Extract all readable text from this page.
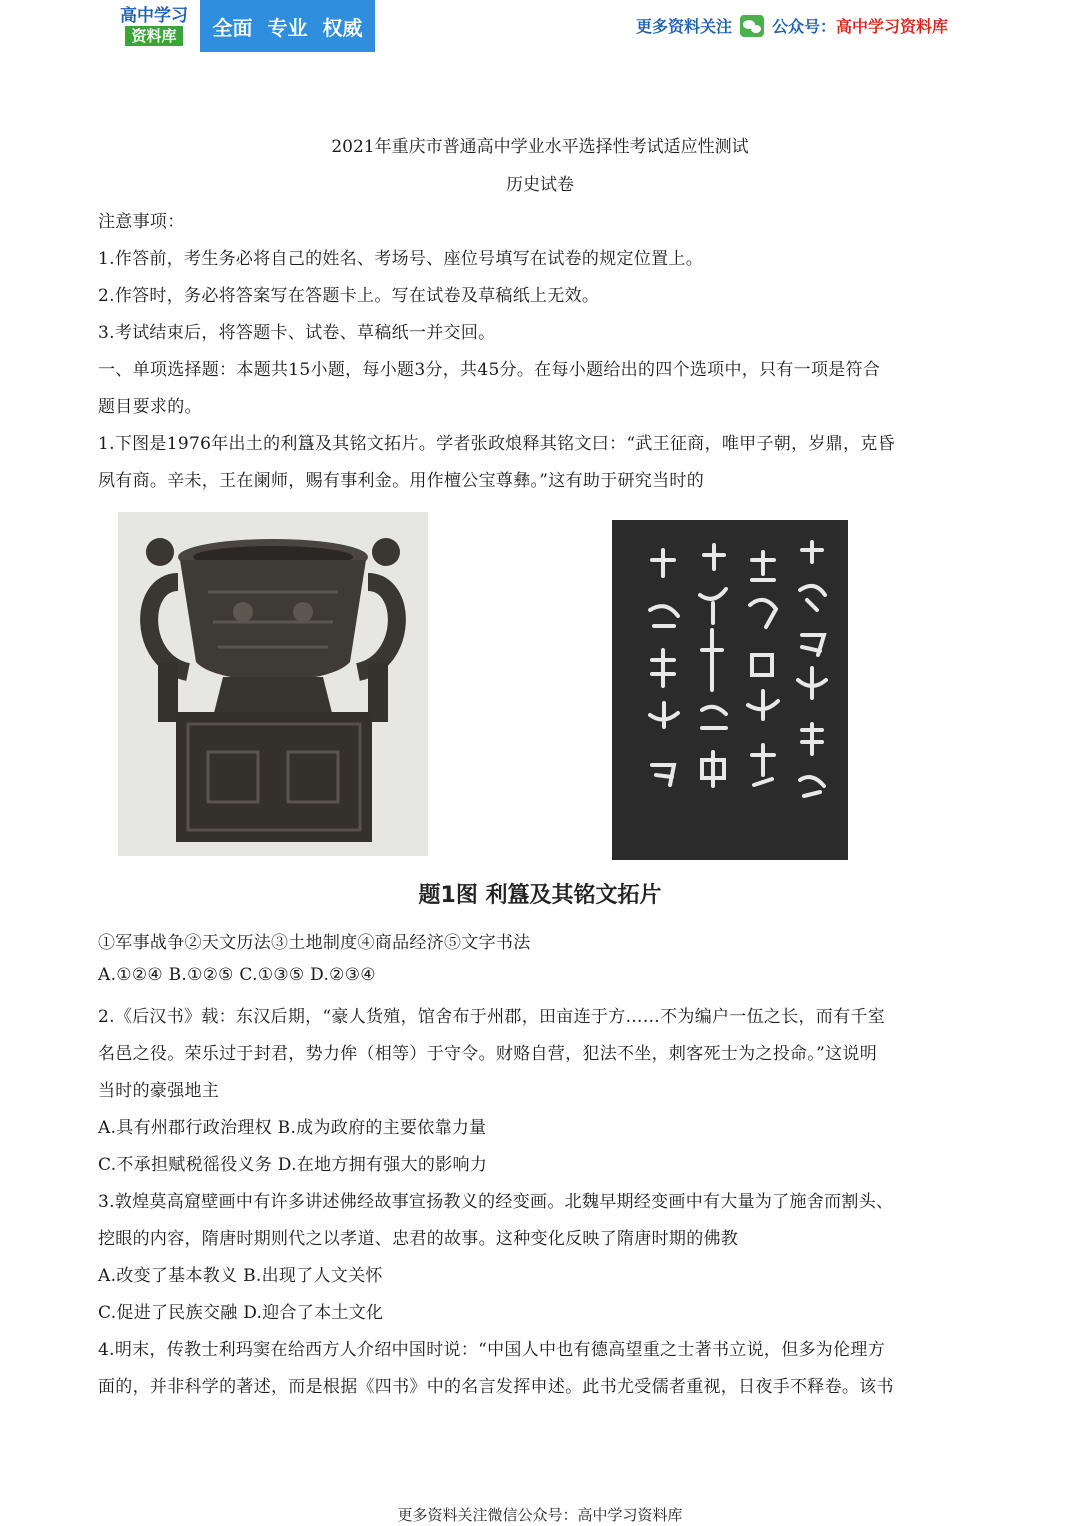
高中学习
资料库	全面 专业 权威	更多资料关注	公众号： 高中学习资料库
2021年重庆市普通高中学业水平选择性考试适应性测试
历史试卷
注意事项：
1.作答前，考生务必将自己的姓名、考场号、座位号填写在试卷的规定位置上。
2.作答时，务必将答案写在答题卡上。写在试卷及草稿纸上无效。
3.考试结束后，将答题卡、试卷、草稿纸一并交回。
一、单项选择题：本题共15小题，每小题3分，共45分。在每小题给出的四个选项中，只有一项是符合
题目要求的。
1.下图是1976年出土的利簋及其铭文拓片。学者张政烺释其铭文曰：“武王征商，唯甲子朝，岁鼎，克昏
夙有商。辛未，王在阑师，赐有事利金。用作檀公宝尊彝。”这有助于研究当时的
题1图 利簋及其铭文拓片
①军事战争②天文历法③土地制度④商品经济⑤文字书法
A.①②④ B.①②⑤ C.①③⑤ D.②③④
2.《后汉书》载：东汉后期，“豪人货殖，馆舍布于州郡，田亩连于方……不为编户一伍之长，而有千室
名邑之役。荣乐过于封君，势力侔（相等）于守令。财赂自营，犯法不坐，刺客死士为之投命。”这说明
当时的豪强地主
A.具有州郡行政治理权 B.成为政府的主要依靠力量
C.不承担赋税徭役义务 D.在地方拥有强大的影响力
3.敦煌莫高窟壁画中有许多讲述佛经故事宣扬教义的经变画。北魏早期经变画中有大量为了施舍而割头、
挖眼的内容，隋唐时期则代之以孝道、忠君的故事。这种变化反映了隋唐时期的佛教
A.改变了基本教义 B.出现了人文关怀
C.促进了民族交融 D.迎合了本土文化
4.明末，传教士利玛窦在给西方人介绍中国时说：“中国人中也有德高望重之士著书立说，但多为伦理方
面的，并非科学的著述，而是根据《四书》中的名言发挥申述。此书尤受儒者重视，日夜手不释卷。该书
更多资料关注微信公众号：高中学习资料库
